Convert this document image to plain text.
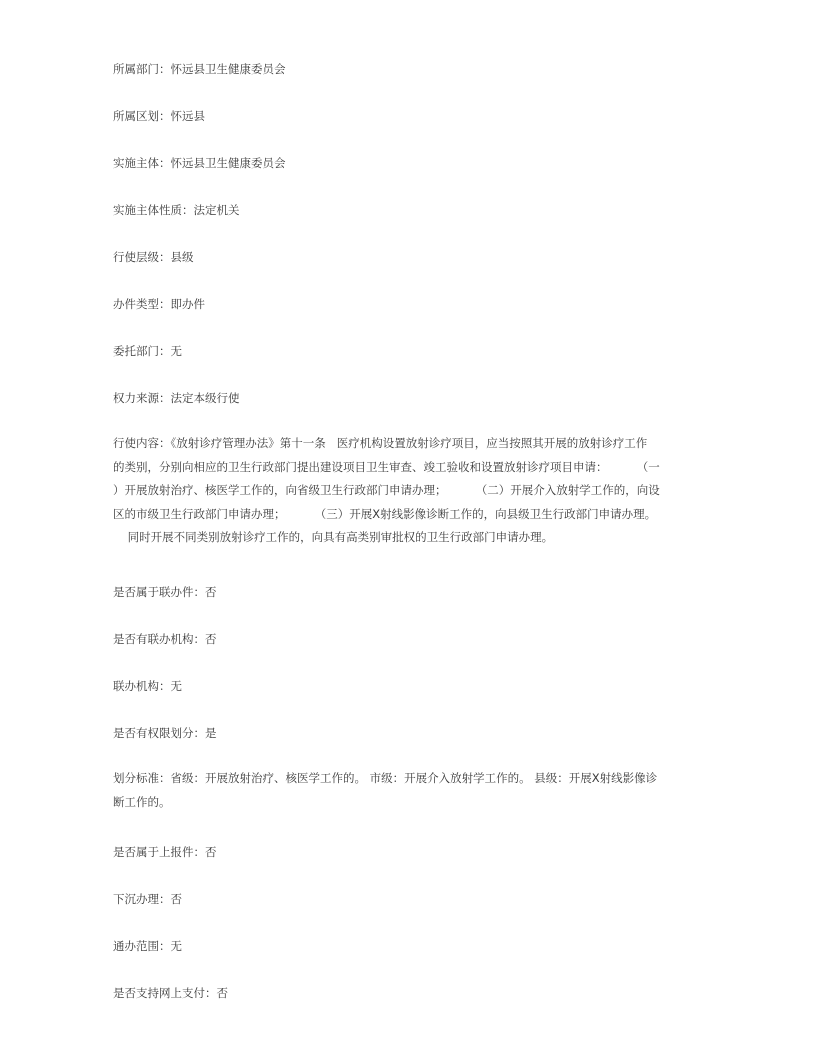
所属部门：怀远县卫生健康委员会
所属区划：怀远县
实施主体：怀远县卫生健康委员会
实施主体性质：法定机关
行使层级：县级
办件类型：即办件
委托部门：无
权力来源：法定本级行使
行使内容：《放射诊疗管理办法》第十一条   医疗机构设置放射诊疗项目，应当按照其开展的放射诊疗工作
的类别，分别向相应的卫生行政部门提出建设项目卫生审查、竣工验收和设置放射诊疗项目申请：        （一
）开展放射治疗、核医学工作的，向省级卫生行政部门申请办理；        （二）开展介入放射学工作的，向设
区的市级卫生行政部门申请办理；        （三）开展X射线影像诊断工作的，向县级卫生行政部门申请办理。
同时开展不同类别放射诊疗工作的，向具有高类别审批权的卫生行政部门申请办理。
是否属于联办件：否
是否有联办机构：否
联办机构：无
是否有权限划分：是
划分标准：省级：开展放射治疗、核医学工作的。 市级：开展介入放射学工作的。 县级：开展X射线影像诊
断工作的。
是否属于上报件：否
下沉办理：否
通办范围：无
是否支持网上支付：否
